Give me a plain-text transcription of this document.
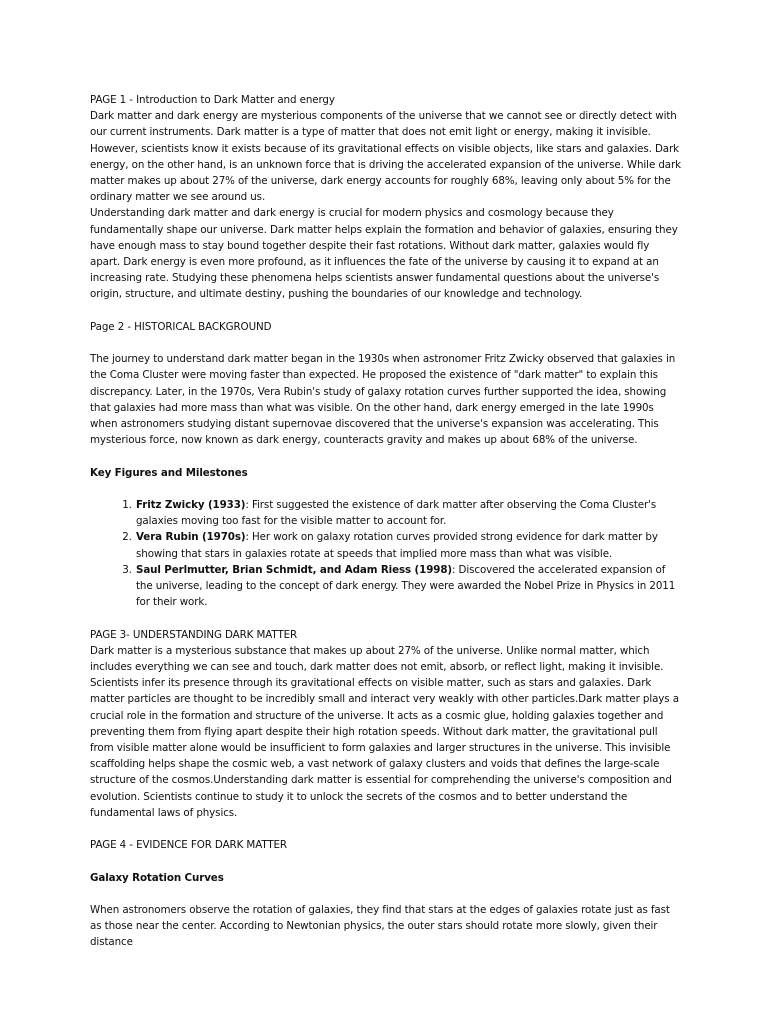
PAGE 1 - Introduction to Dark Matter and energy

Dark matter and dark energy are mysterious components of the universe that we cannot see or directly detect with our current instruments. Dark matter is a type of matter that does not emit light or energy, making it invisible. However, scientists know it exists because of its gravitational effects on visible objects, like stars and galaxies. Dark energy, on the other hand, is an unknown force that is driving the accelerated expansion of the universe. While dark matter makes up about 27% of the universe, dark energy accounts for roughly 68%, leaving only about 5% for the ordinary matter we see around us.

Understanding dark matter and dark energy is crucial for modern physics and cosmology because they fundamentally shape our universe. Dark matter helps explain the formation and behavior of galaxies, ensuring they have enough mass to stay bound together despite their fast rotations. Without dark matter, galaxies would fly apart. Dark energy is even more profound, as it influences the fate of the universe by causing it to expand at an increasing rate. Studying these phenomena helps scientists answer fundamental questions about the universe's origin, structure, and ultimate destiny, pushing the boundaries of our knowledge and technology.

Page 2 - HISTORICAL BACKGROUND

The journey to understand dark matter began in the 1930s when astronomer Fritz Zwicky observed that galaxies in the Coma Cluster were moving faster than expected. He proposed the existence of "dark matter" to explain this discrepancy. Later, in the 1970s, Vera Rubin's study of galaxy rotation curves further supported the idea, showing that galaxies had more mass than what was visible. On the other hand, dark energy emerged in the late 1990s when astronomers studying distant supernovae discovered that the universe's expansion was accelerating. This mysterious force, now known as dark energy, counteracts gravity and makes up about 68% of the universe.

Key Figures and Milestones

1. Fritz Zwicky (1933): First suggested the existence of dark matter after observing the Coma Cluster's galaxies moving too fast for the visible matter to account for.
2. Vera Rubin (1970s): Her work on galaxy rotation curves provided strong evidence for dark matter by showing that stars in galaxies rotate at speeds that implied more mass than what was visible.
3. Saul Perlmutter, Brian Schmidt, and Adam Riess (1998): Discovered the accelerated expansion of the universe, leading to the concept of dark energy. They were awarded the Nobel Prize in Physics in 2011 for their work.

PAGE 3- UNDERSTANDING DARK MATTER

Dark matter is a mysterious substance that makes up about 27% of the universe. Unlike normal matter, which includes everything we can see and touch, dark matter does not emit, absorb, or reflect light, making it invisible. Scientists infer its presence through its gravitational effects on visible matter, such as stars and galaxies. Dark matter particles are thought to be incredibly small and interact very weakly with other particles.Dark matter plays a crucial role in the formation and structure of the universe. It acts as a cosmic glue, holding galaxies together and preventing them from flying apart despite their high rotation speeds. Without dark matter, the gravitational pull from visible matter alone would be insufficient to form galaxies and larger structures in the universe. This invisible scaffolding helps shape the cosmic web, a vast network of galaxy clusters and voids that defines the large-scale structure of the cosmos.Understanding dark matter is essential for comprehending the universe's composition and evolution. Scientists continue to study it to unlock the secrets of the cosmos and to better understand the fundamental laws of physics.

PAGE 4 - EVIDENCE FOR DARK MATTER

Galaxy Rotation Curves

When astronomers observe the rotation of galaxies, they find that stars at the edges of galaxies rotate just as fast as those near the center. According to Newtonian physics, the outer stars should rotate more slowly, given their distance
